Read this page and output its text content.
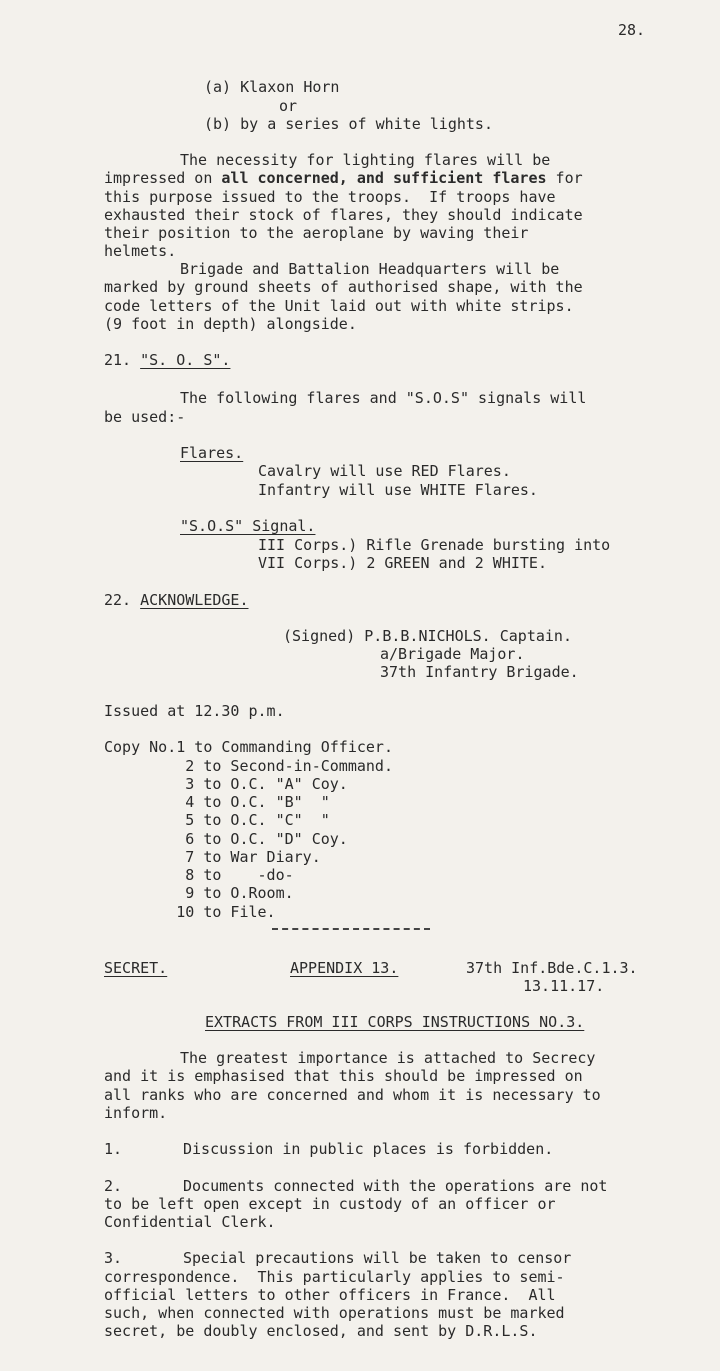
28.
(a) Klaxon Horn
or
(b) by a series of white lights.
The necessity for lighting flares will be
impressed on all concerned, and sufficient flares for
this purpose issued to the troops.  If troops have
exhausted their stock of flares, they should indicate
their position to the aeroplane by waving their
helmets.
Brigade and Battalion Headquarters will be
marked by ground sheets of authorised shape, with the
code letters of the Unit laid out with white strips.
(9 foot in depth) alongside.
21. "S. O. S".
The following flares and "S.O.S" signals will
be used:-
Flares.
Cavalry will use RED Flares.
Infantry will use WHITE Flares.
"S.O.S" Signal.
III Corps.) Rifle Grenade bursting into
VII Corps.) 2 GREEN and 2 WHITE.
22. ACKNOWLEDGE.
(Signed) P.B.B.NICHOLS. Captain.
a/Brigade Major.
37th Infantry Brigade.
Issued at 12.30 p.m.
Copy No.1 to Commanding Officer.
2 to Second-in-Command.
3 to O.C. "A" Coy.
4 to O.C. "B"  "
5 to O.C. "C"  "
6 to O.C. "D" Coy.
7 to War Diary.
8 to    -do-
9 to O.Room.
10 to File.
SECRET.	APPENDIX 13.	37th Inf.Bde.C.1.3.
13.11.17.
EXTRACTS FROM III CORPS INSTRUCTIONS NO.3.
The greatest importance is attached to Secrecy
and it is emphasised that this should be impressed on
all ranks who are concerned and whom it is necessary to
inform.
1.	Discussion in public places is forbidden.
2.	Documents connected with the operations are not
to be left open except in custody of an officer or
Confidential Clerk.
3.	Special precautions will be taken to censor
correspondence.  This particularly applies to semi-
official letters to other officers in France.  All
such, when connected with operations must be marked
secret, be doubly enclosed, and sent by D.R.L.S.
